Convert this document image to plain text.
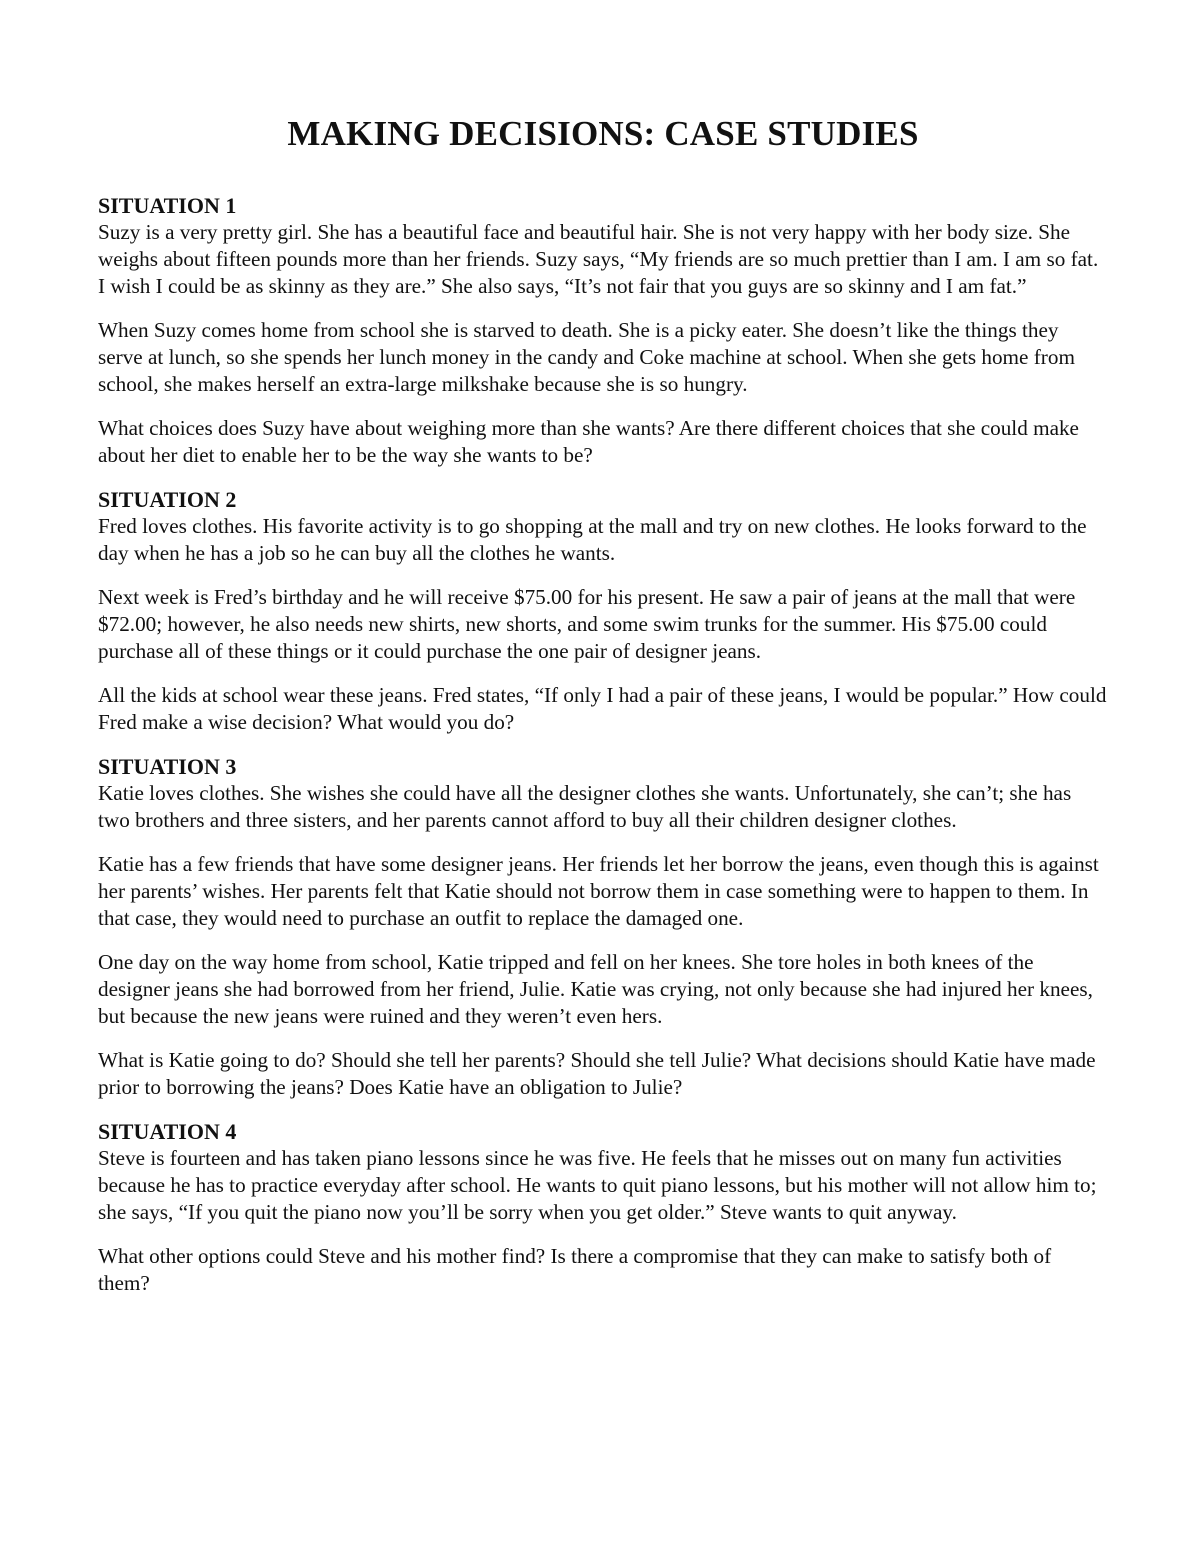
MAKING DECISIONS: CASE STUDIES
SITUATION 1

Suzy is a very pretty girl. She has a beautiful face and beautiful hair. She is not very happy with her body size. She weighs about fifteen pounds more than her friends. Suzy says, “My friends are so much prettier than I am. I am so fat. I wish I could be as skinny as they are.” She also says, “It’s not fair that you guys are so skinny and I am fat.”

When Suzy comes home from school she is starved to death. She is a picky eater. She doesn’t like the things they serve at lunch, so she spends her lunch money in the candy and Coke machine at school. When she gets home from school, she makes herself an extra-large milkshake because she is so hungry.

What choices does Suzy have about weighing more than she wants? Are there different choices that she could make about her diet to enable her to be the way she wants to be?

SITUATION 2

Fred loves clothes. His favorite activity is to go shopping at the mall and try on new clothes. He looks forward to the day when he has a job so he can buy all the clothes he wants.

Next week is Fred’s birthday and he will receive $75.00 for his present. He saw a pair of jeans at the mall that were $72.00; however, he also needs new shirts, new shorts, and some swim trunks for the summer. His $75.00 could purchase all of these things or it could purchase the one pair of designer jeans.

All the kids at school wear these jeans. Fred states, “If only I had a pair of these jeans, I would be popular.” How could Fred make a wise decision? What would you do?

SITUATION 3

Katie loves clothes. She wishes she could have all the designer clothes she wants. Unfortunately, she can’t; she has two brothers and three sisters, and her parents cannot afford to buy all their children designer clothes.

Katie has a few friends that have some designer jeans. Her friends let her borrow the jeans, even though this is against her parents’ wishes. Her parents felt that Katie should not borrow them in case something were to happen to them. In that case, they would need to purchase an outfit to replace the damaged one.

One day on the way home from school, Katie tripped and fell on her knees. She tore holes in both knees of the designer jeans she had borrowed from her friend, Julie. Katie was crying, not only because she had injured her knees, but because the new jeans were ruined and they weren’t even hers.

What is Katie going to do? Should she tell her parents? Should she tell Julie? What decisions should Katie have made prior to borrowing the jeans? Does Katie have an obligation to Julie?

SITUATION 4

Steve is fourteen and has taken piano lessons since he was five. He feels that he misses out on many fun activities because he has to practice everyday after school. He wants to quit piano lessons, but his mother will not allow him to; she says, “If you quit the piano now you’ll be sorry when you get older.” Steve wants to quit anyway.

What other options could Steve and his mother find? Is there a compromise that they can make to satisfy both of them?
